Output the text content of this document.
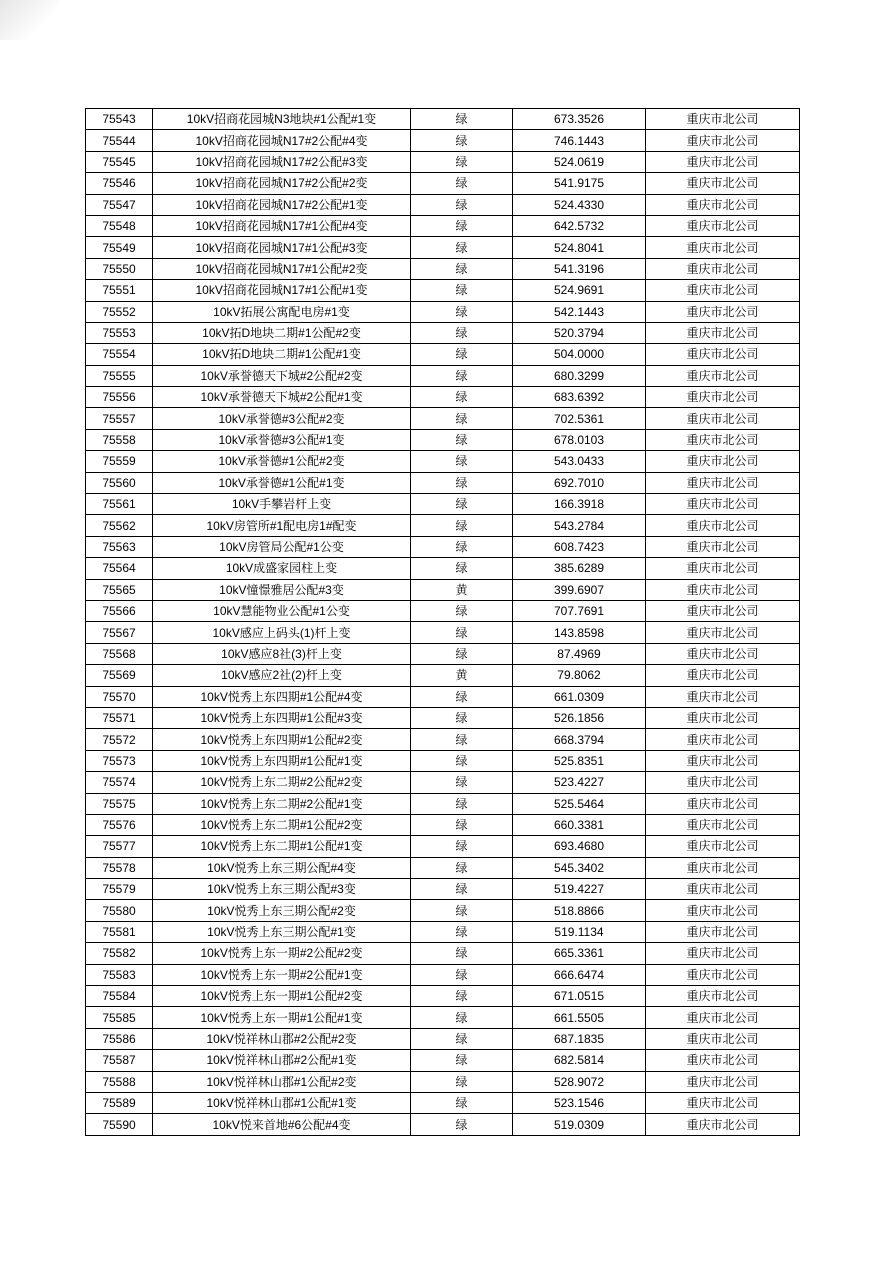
75543	10kV招商花园城N3地块#1公配#1变	绿	673.3526	重庆市北公司
75544	10kV招商花园城N17#2公配#4变	绿	746.1443	重庆市北公司
75545	10kV招商花园城N17#2公配#3变	绿	524.0619	重庆市北公司
75546	10kV招商花园城N17#2公配#2变	绿	541.9175	重庆市北公司
75547	10kV招商花园城N17#2公配#1变	绿	524.4330	重庆市北公司
75548	10kV招商花园城N17#1公配#4变	绿	642.5732	重庆市北公司
75549	10kV招商花园城N17#1公配#3变	绿	524.8041	重庆市北公司
75550	10kV招商花园城N17#1公配#2变	绿	541.3196	重庆市北公司
75551	10kV招商花园城N17#1公配#1变	绿	524.9691	重庆市北公司
75552	10kV拓展公寓配电房#1变	绿	542.1443	重庆市北公司
75553	10kV拓D地块二期#1公配#2变	绿	520.3794	重庆市北公司
75554	10kV拓D地块二期#1公配#1变	绿	504.0000	重庆市北公司
75555	10kV承誉德天下城#2公配#2变	绿	680.3299	重庆市北公司
75556	10kV承誉德天下城#2公配#1变	绿	683.6392	重庆市北公司
75557	10kV承誉德#3公配#2变	绿	702.5361	重庆市北公司
75558	10kV承誉德#3公配#1变	绿	678.0103	重庆市北公司
75559	10kV承誉德#1公配#2变	绿	543.0433	重庆市北公司
75560	10kV承誉德#1公配#1变	绿	692.7010	重庆市北公司
75561	10kV手攀岩杆上变	绿	166.3918	重庆市北公司
75562	10kV房管所#1配电房1#配变	绿	543.2784	重庆市北公司
75563	10kV房管局公配#1公变	绿	608.7423	重庆市北公司
75564	10kV成盛家园柱上变	绿	385.6289	重庆市北公司
75565	10kV憧憬雅居公配#3变	黄	399.6907	重庆市北公司
75566	10kV慧能物业公配#1公变	绿	707.7691	重庆市北公司
75567	10kV感应上码头(1)杆上变	绿	143.8598	重庆市北公司
75568	10kV感应8社(3)杆上变	绿	87.4969	重庆市北公司
75569	10kV感应2社(2)杆上变	黄	79.8062	重庆市北公司
75570	10kV悦秀上东四期#1公配#4变	绿	661.0309	重庆市北公司
75571	10kV悦秀上东四期#1公配#3变	绿	526.1856	重庆市北公司
75572	10kV悦秀上东四期#1公配#2变	绿	668.3794	重庆市北公司
75573	10kV悦秀上东四期#1公配#1变	绿	525.8351	重庆市北公司
75574	10kV悦秀上东二期#2公配#2变	绿	523.4227	重庆市北公司
75575	10kV悦秀上东二期#2公配#1变	绿	525.5464	重庆市北公司
75576	10kV悦秀上东二期#1公配#2变	绿	660.3381	重庆市北公司
75577	10kV悦秀上东二期#1公配#1变	绿	693.4680	重庆市北公司
75578	10kV悦秀上东三期公配#4变	绿	545.3402	重庆市北公司
75579	10kV悦秀上东三期公配#3变	绿	519.4227	重庆市北公司
75580	10kV悦秀上东三期公配#2变	绿	518.8866	重庆市北公司
75581	10kV悦秀上东三期公配#1变	绿	519.1134	重庆市北公司
75582	10kV悦秀上东一期#2公配#2变	绿	665.3361	重庆市北公司
75583	10kV悦秀上东一期#2公配#1变	绿	666.6474	重庆市北公司
75584	10kV悦秀上东一期#1公配#2变	绿	671.0515	重庆市北公司
75585	10kV悦秀上东一期#1公配#1变	绿	661.5505	重庆市北公司
75586	10kV悦祥林山郡#2公配#2变	绿	687.1835	重庆市北公司
75587	10kV悦祥林山郡#2公配#1变	绿	682.5814	重庆市北公司
75588	10kV悦祥林山郡#1公配#2变	绿	528.9072	重庆市北公司
75589	10kV悦祥林山郡#1公配#1变	绿	523.1546	重庆市北公司
75590	10kV悦来首地#6公配#4变	绿	519.0309	重庆市北公司
